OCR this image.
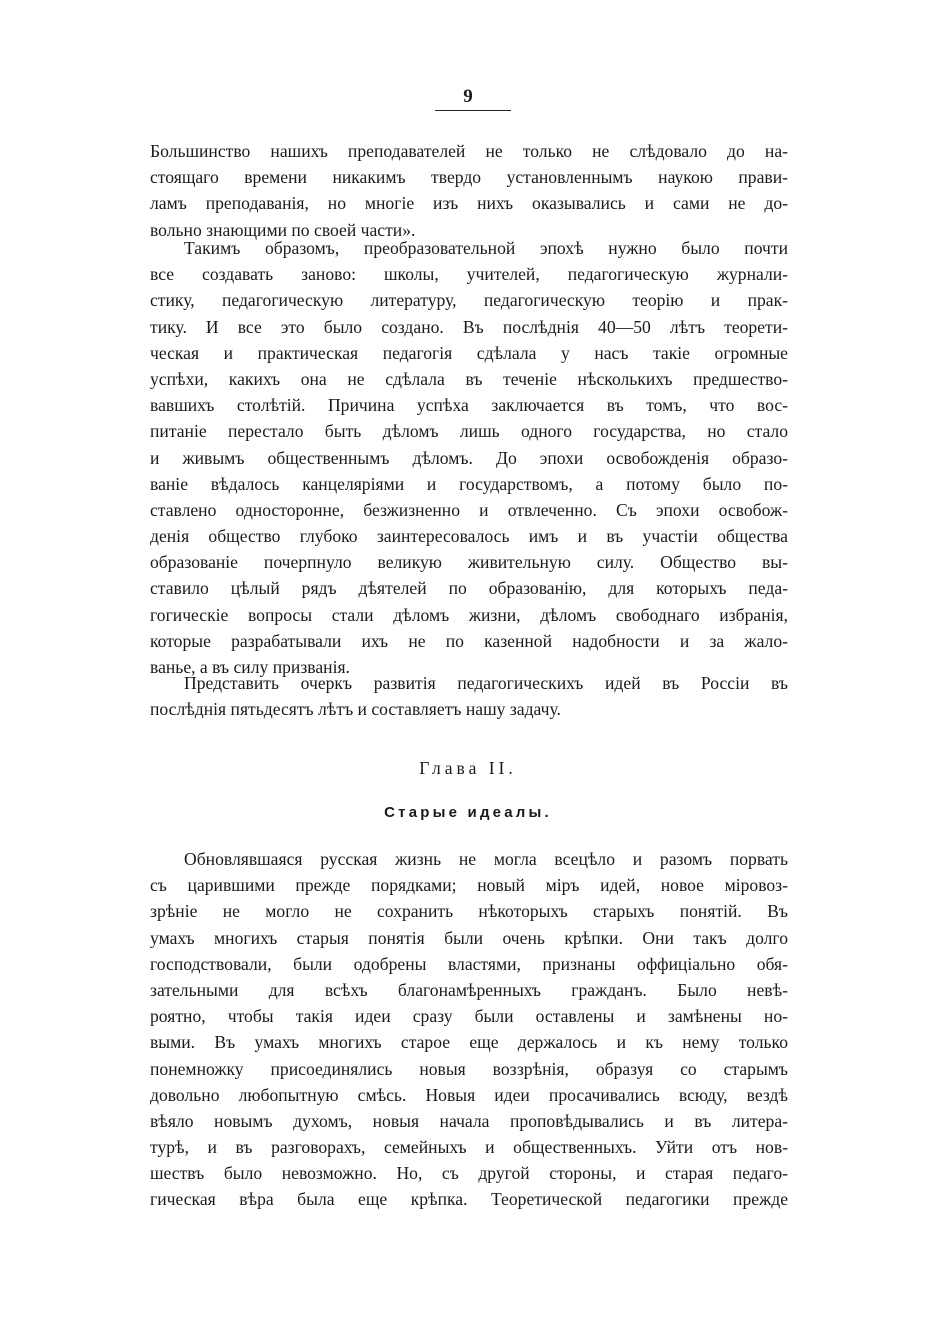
9
Большинство нашихъ преподавателей не только не слѣдовало до на-
стоящаго времени никакимъ твердо установленнымъ наукою прави-
ламъ преподаванія, но многіе изъ нихъ оказывались и сами не до-
вольно знающими по своей части».
Такимъ образомъ, преобразовательной эпохѣ нужно было почти
все создавать заново: школы, учителей, педагогическую журнали-
стику, педагогическую литературу, педагогическую теорію и прак-
тику. И все это было создано. Въ послѣднія 40—50 лѣтъ теорети-
ческая и практическая педагогія сдѣлала у насъ такіе огромные
успѣхи, какихъ она не сдѣлала въ теченіе нѣсколькихъ предшество-
вавшихъ столѣтій. Причина успѣха заключается въ томъ, что вос-
питаніе перестало быть дѣломъ лишь одного государства, но стало
и живымъ общественнымъ дѣломъ. До эпохи освобожденія образо-
ваніе вѣдалось канцеляріями и государствомъ, а потому было по-
ставлено односторонне, безжизненно и отвлеченно. Съ эпохи освобож-
денія общество глубоко заинтересовалось имъ и въ участіи общества
образованіе почерпнуло великую живительную силу. Общество вы-
ставило цѣлый рядъ дѣятелей по образованію, для которыхъ педа-
гогическіе вопросы стали дѣломъ жизни, дѣломъ свободнаго избранія,
которые разрабатывали ихъ не по казенной надобности и за жало-
ванье, а въ силу призванія.
Представить очеркъ развитія педагогическихъ идей въ Россіи въ
послѣднія пятьдесятъ лѣтъ и составляетъ нашу задачу.
Глава II.
Старые идеалы.
Обновлявшаяся русская жизнь не могла всецѣло и разомъ порвать
съ царившими прежде порядками; новый міръ идей, новое міровоз-
зрѣніе не могло не сохранить нѣкоторыхъ старыхъ понятій. Въ
умахъ многихъ старыя понятія были очень крѣпки. Они такъ долго
господствовали, были одобрены властями, признаны оффиціально обя-
зательными для всѣхъ благонамѣренныхъ гражданъ. Было невѣ-
роятно, чтобы такія идеи сразу были оставлены и замѣнены но-
выми. Въ умахъ многихъ старое еще держалось и къ нему только
понемножку присоединялись новыя воззрѣнія, образуя со старымъ
довольно любопытную смѣсь. Новыя идеи просачивались всюду, вездѣ
вѣяло новымъ духомъ, новыя начала проповѣдывались и въ литера-
турѣ, и въ разговорахъ, семейныхъ и общественныхъ. Уйти отъ нов-
шествъ было невозможно. Но, съ другой стороны, и старая педаго-
гическая вѣра была еще крѣпка. Теоретической педагогики прежде
